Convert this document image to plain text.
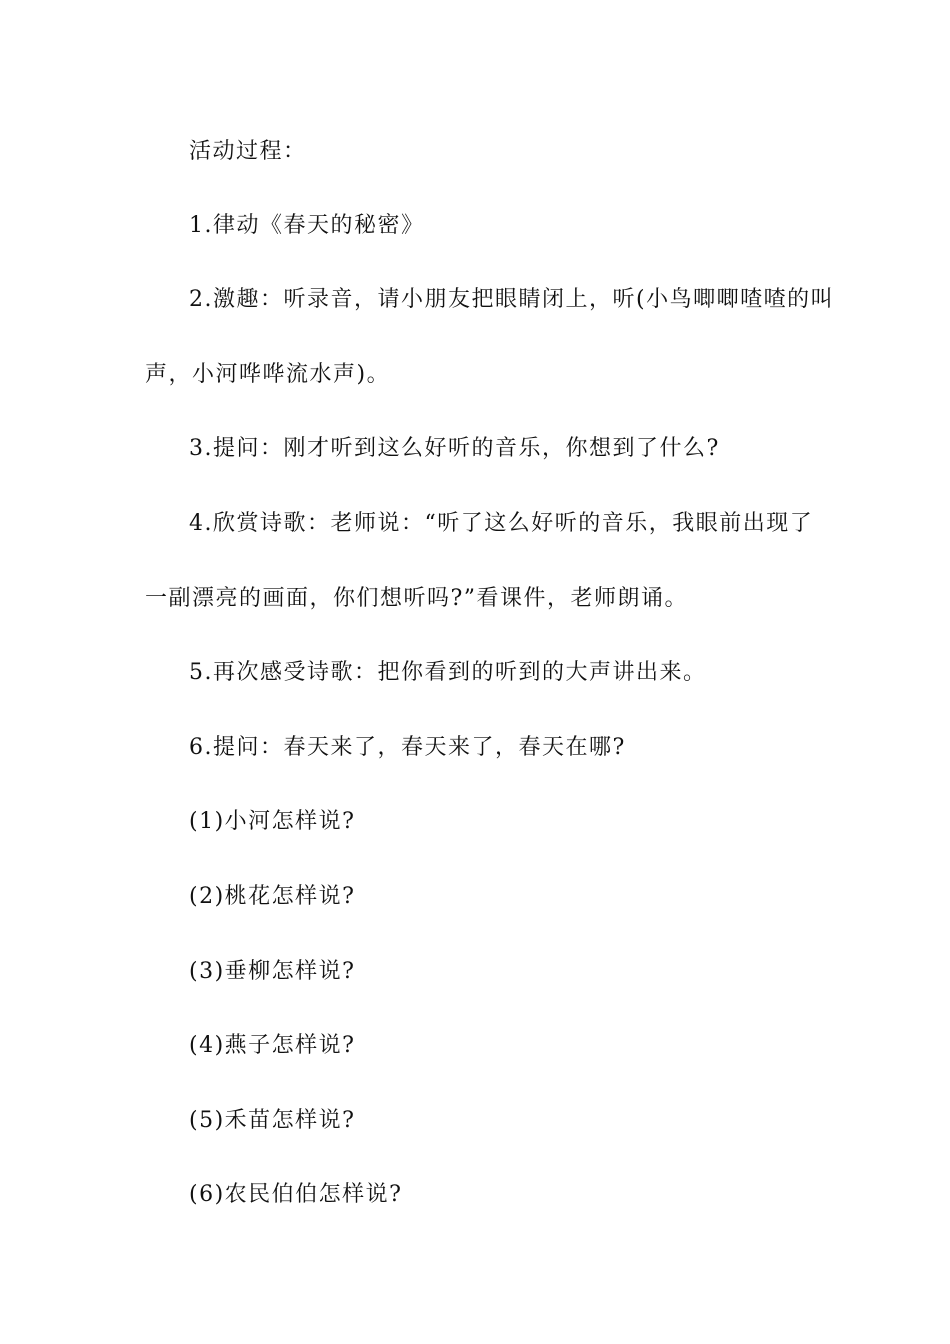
活动过程：
1.律动《春天的秘密》
2.激趣：听录音，请小朋友把眼睛闭上，听(小鸟唧唧喳喳的叫
声，小河哗哗流水声)。
3.提问：刚才听到这么好听的音乐，你想到了什么?
4.欣赏诗歌：老师说：“听了这么好听的音乐，我眼前出现了
一副漂亮的画面，你们想听吗?”看课件，老师朗诵。
5.再次感受诗歌：把你看到的听到的大声讲出来。
6.提问：春天来了，春天来了，春天在哪?
(1)小河怎样说?
(2)桃花怎样说?
(3)垂柳怎样说?
(4)燕子怎样说?
(5)禾苗怎样说?
(6)农民伯伯怎样说?
